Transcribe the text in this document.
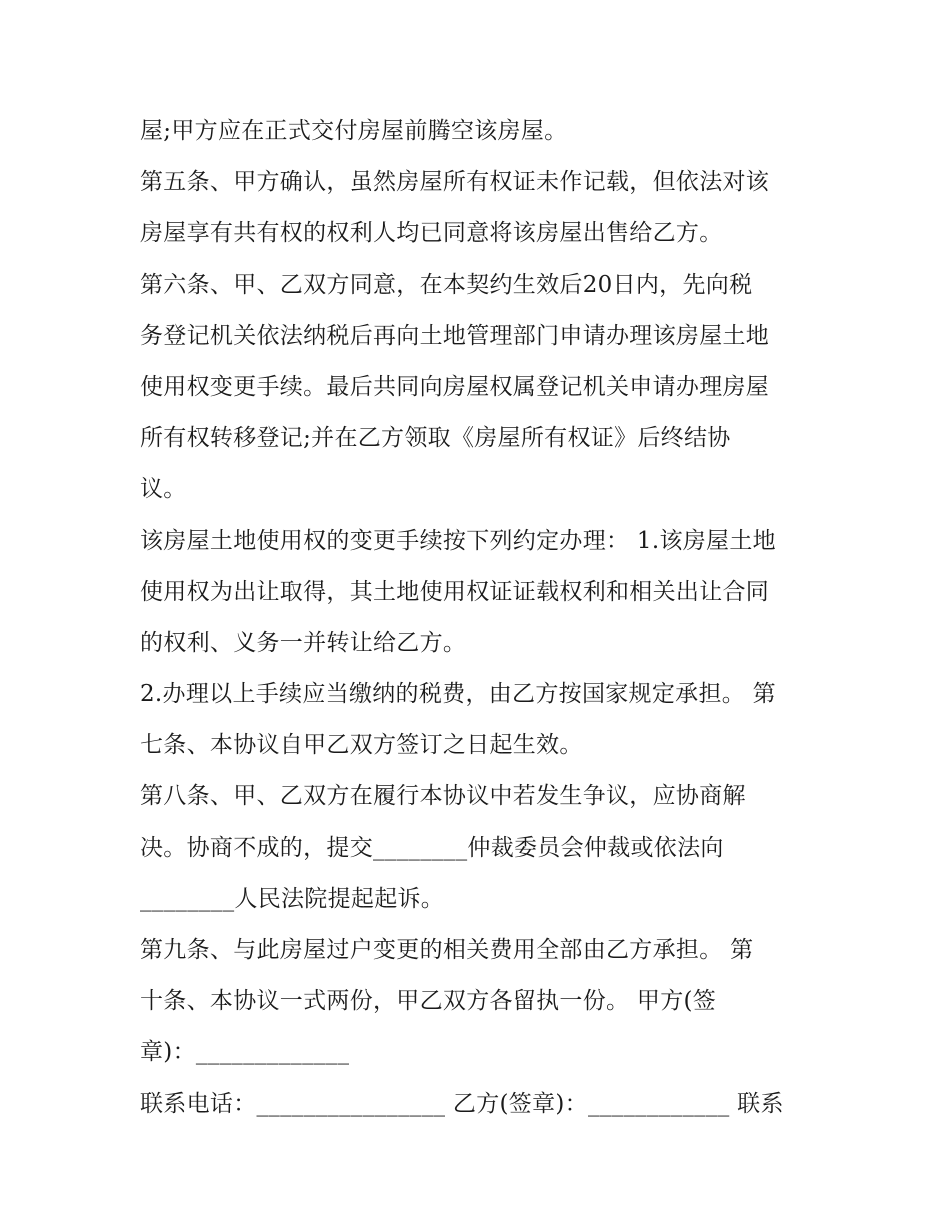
屋;甲方应在正式交付房屋前腾空该房屋。
第五条、甲方确认，虽然房屋所有权证未作记载，但依法对该
房屋享有共有权的权利人均已同意将该房屋出售给乙方。
第六条、甲、乙双方同意，在本契约生效后20日内，先向税
务登记机关依法纳税后再向土地管理部门申请办理该房屋土地
使用权变更手续。最后共同向房屋权属登记机关申请办理房屋
所有权转移登记;并在乙方领取《房屋所有权证》后终结协
议。
该房屋土地使用权的变更手续按下列约定办理： 1.该房屋土地
使用权为出让取得，其土地使用权证证载权利和相关出让合同
的权利、义务一并转让给乙方。
2.办理以上手续应当缴纳的税费，由乙方按国家规定承担。 第
七条、本协议自甲乙双方签订之日起生效。
第八条、甲、乙双方在履行本协议中若发生争议，应协商解
决。协商不成的，提交________仲裁委员会仲裁或依法向
________人民法院提起起诉。
第九条、与此房屋过户变更的相关费用全部由乙方承担。 第
十条、本协议一式两份，甲乙双方各留执一份。 甲方(签
章)：_____________
联系电话：________________ 乙方(签章)：____________ 联系
